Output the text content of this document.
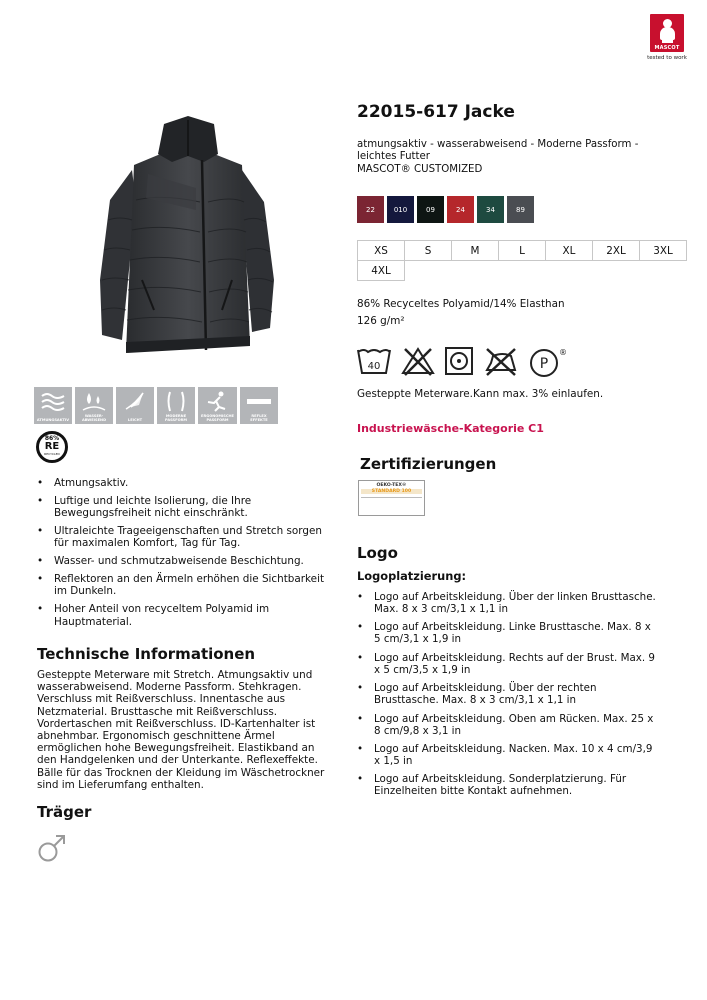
MASCOT
tested to work
ATMUNGSAKTIV
WASSER-
ABWEISEND	LEICHT
MODERNE
PASSFORM
ERGONOMISCHE
PASSFORM
REFLEX
EFFEKTE
86%
RE
RECYCLED
• Atmungsaktiv.
• Luftige und leichte Isolierung, die Ihre Bewegungsfreiheit nicht einschränkt.
• Ultraleichte Trageeigenschaften und Stretch sorgen für maximalen Komfort, Tag für Tag.
• Wasser- und schmutzabweisende Beschichtung.
• Reflektoren an den Ärmeln erhöhen die Sichtbarkeit im Dunkeln.
• Hoher Anteil von recyceltem Polyamid im Hauptmaterial.
Technische Informationen

Gesteppte Meterware mit Stretch. Atmungsaktiv und wasserabweisend. Moderne Passform. Stehkragen. Verschluss mit Reißverschluss. Innentasche aus Netzmaterial. Brusttasche mit Reißverschluss. Vordertaschen mit Reißverschluss. ID-Kartenhalter ist abnehmbar. Ergonomisch geschnittene Ärmel ermöglichen hohe Bewegungsfreiheit. Elastikband an den Handgelenken und der Unterkante. Reflexeffekte. Bälle für das Trocknen der Kleidung im Wäschetrockner sind im Lieferumfang enthalten.

Träger
22015-617 Jacke
atmungsaktiv - wasserabweisend - Moderne Passform - leichtes Futter
MASCOT® CUSTOMIZED
22	010	09	24	34	89
XS	S	M	L	XL	2XL	3XL
4XL						
86% Recyceltes Polyamid/14% Elasthan
126 g/m²
40	P
®
Gesteppte Meterware.Kann max. 3% einlaufen.
Industriewäsche-Kategorie C1
Zertifizierungen
OEKO-TEX®
STANDARD 100
Logo
Logoplatzierung:
• Logo auf Arbeitskleidung. Über der linken Brusttasche. Max. 8 x 3 cm/3,1 x 1,1 in
• Logo auf Arbeitskleidung. Linke Brusttasche. Max. 8 x 5 cm/3,1 x 1,9 in
• Logo auf Arbeitskleidung. Rechts auf der Brust. Max. 9 x 5 cm/3,5 x 1,9 in
• Logo auf Arbeitskleidung. Über der rechten Brusttasche. Max. 8 x 3 cm/3,1 x 1,1 in
• Logo auf Arbeitskleidung. Oben am Rücken. Max. 25 x 8 cm/9,8 x 3,1 in
• Logo auf Arbeitskleidung. Nacken. Max. 10 x 4 cm/3,9 x 1,5 in
• Logo auf Arbeitskleidung. Sonderplatzierung. Für Einzelheiten bitte Kontakt aufnehmen.
